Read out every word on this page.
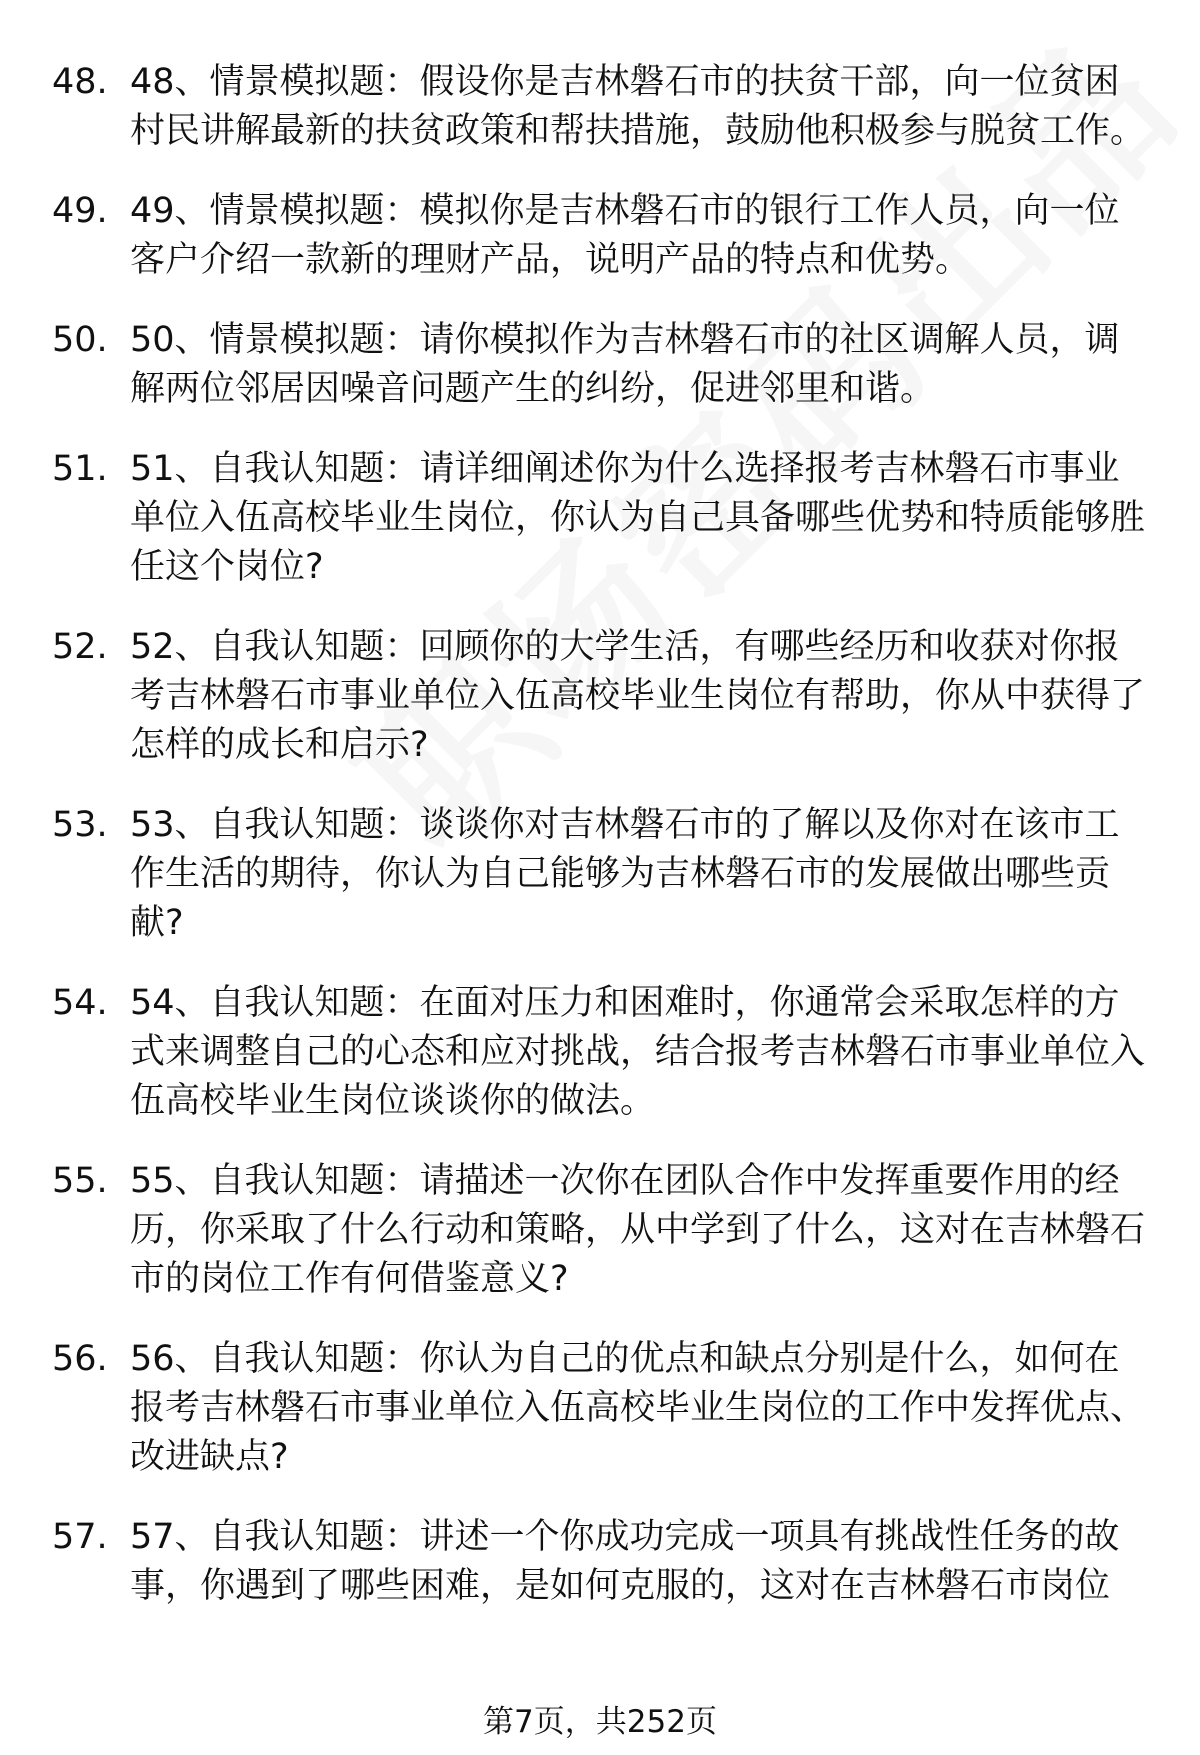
48. 48、情景模拟题：假设你是吉林磐石市的扶贫干部，向一位贫困村民讲解最新的扶贫政策和帮扶措施，鼓励他积极参与脱贫工作。
49. 49、情景模拟题：模拟你是吉林磐石市的银行工作人员，向一位客户介绍一款新的理财产品，说明产品的特点和优势。
50. 50、情景模拟题：请你模拟作为吉林磐石市的社区调解人员，调解两位邻居因噪音问题产生的纠纷，促进邻里和谐。
51. 51、自我认知题：请详细阐述你为什么选择报考吉林磐石市事业单位入伍高校毕业生岗位，你认为自己具备哪些优势和特质能够胜任这个岗位?
52. 52、自我认知题：回顾你的大学生活，有哪些经历和收获对你报考吉林磐石市事业单位入伍高校毕业生岗位有帮助，你从中获得了怎样的成长和启示?
53. 53、自我认知题：谈谈你对吉林磐石市的了解以及你对在该市工作生活的期待，你认为自己能够为吉林磐石市的发展做出哪些贡献?
54. 54、自我认知题：在面对压力和困难时，你通常会采取怎样的方式来调整自己的心态和应对挑战，结合报考吉林磐石市事业单位入伍高校毕业生岗位谈谈你的做法。
55. 55、自我认知题：请描述一次你在团队合作中发挥重要作用的经历，你采取了什么行动和策略，从中学到了什么，这对在吉林磐石市的岗位工作有何借鉴意义?
56. 56、自我认知题：你认为自己的优点和缺点分别是什么，如何在报考吉林磐石市事业单位入伍高校毕业生岗位的工作中发挥优点、改进缺点?
57. 57、自我认知题：讲述一个你成功完成一项具有挑战性任务的故事，你遇到了哪些困难，是如何克服的，这对在吉林磐石市岗位
第7页，共252页
